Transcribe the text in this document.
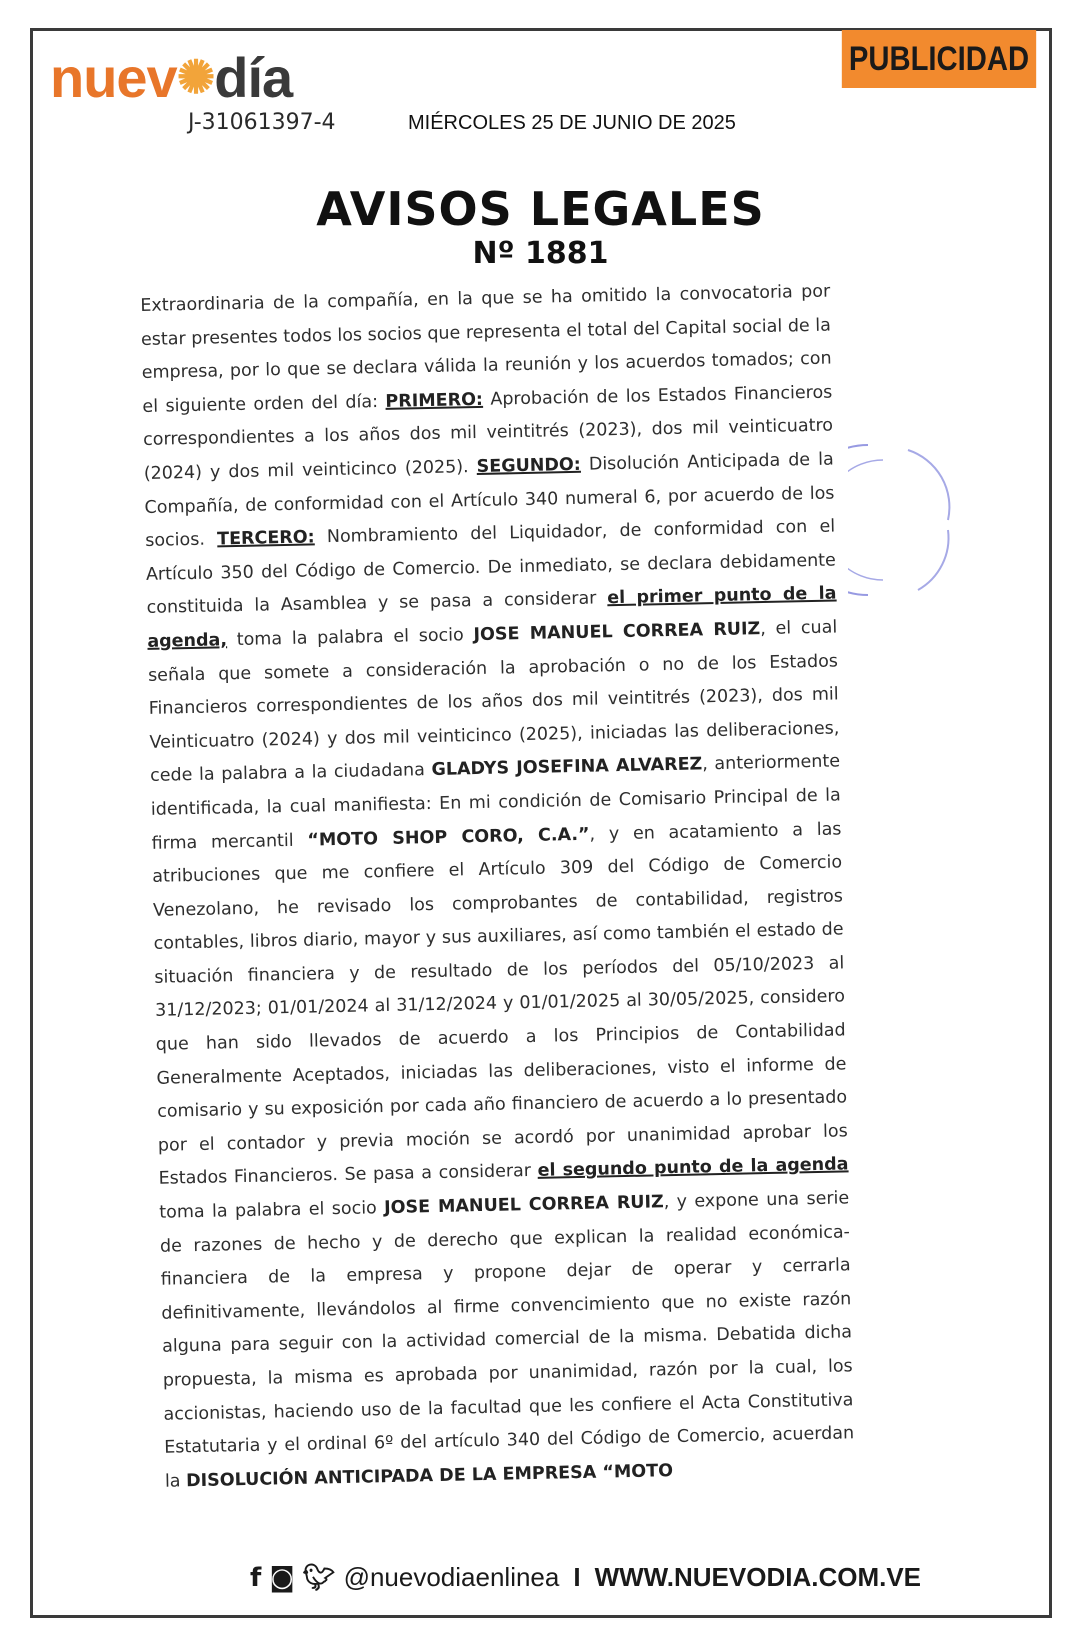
nuev✺día
J-31061397-4	MIÉRCOLES 25 DE JUNIO DE 2025
PUBLICIDAD
AVISOS LEGALES
Nº 1881

Extraordinaria de la compañía, en la que se ha omitido la convocatoria por estar presentes todos los socios que representa el total del Capital social de la empresa, por lo que se declara válida la reunión y los acuerdos tomados; con el siguiente orden del día: PRIMERO: Aprobación de los Estados Financieros correspondientes a los años dos mil veintitrés (2023), dos mil veinticuatro (2024) y dos mil veinticinco (2025). SEGUNDO: Disolución Anticipada de la Compañía, de conformidad con el Artículo 340 numeral 6, por acuerdo de los socios. TERCERO: Nombramiento del Liquidador, de conformidad con el Artículo 350 del Código de Comercio. De inmediato, se declara debidamente constituida la Asamblea y se pasa a considerar el primer punto de la agenda, toma la palabra el socio JOSE MANUEL CORREA RUIZ, el cual señala que somete a consideración la aprobación o no de los Estados Financieros correspondientes de los años dos mil veintitrés (2023), dos mil Veinticuatro (2024) y dos mil veinticinco (2025), iniciadas las deliberaciones, cede la palabra a la ciudadana GLADYS JOSEFINA ALVAREZ, anteriormente identificada, la cual manifiesta: En mi condición de Comisario Principal de la firma mercantil “MOTO SHOP CORO, C.A.”, y en acatamiento a las atribuciones que me confiere el Artículo 309 del Código de Comercio Venezolano, he revisado los comprobantes de contabilidad, registros contables, libros diario, mayor y sus auxiliares, así como también el estado de situación financiera y de resultado de los períodos del 05/10/2023 al 31/12/2023; 01/01/2024 al 31/12/2024 y 01/01/2025 al 30/05/2025, considero que han sido llevados de acuerdo a los Principios de Contabilidad Generalmente Aceptados, iniciadas las deliberaciones, visto el informe de comisario y su exposición por cada año financiero de acuerdo a lo presentado por el contador y previa moción se acordó por unanimidad aprobar los Estados Financieros. Se pasa a considerar el segundo punto de la agenda toma la palabra el socio JOSE MANUEL CORREA RUIZ, y expone una serie de razones de hecho y de derecho que explican la realidad económica-financiera de la empresa y propone dejar de operar y cerrarla definitivamente, llevándolos al firme convencimiento que no existe razón alguna para seguir con la actividad comercial de la misma. Debatida dicha propuesta, la misma es aprobada por unanimidad, razón por la cual, los accionistas, haciendo uso de la facultad que les confiere el Acta Constitutiva Estatutaria y el ordinal 6º del artículo 340 del Código de Comercio, acuerdan la DISOLUCIÓN ANTICIPADA DE LA EMPRESA “MOTO

f ◙ 🐦︎ @nuevodiaenlinea I WWW.NUEVODIA.COM.VE
